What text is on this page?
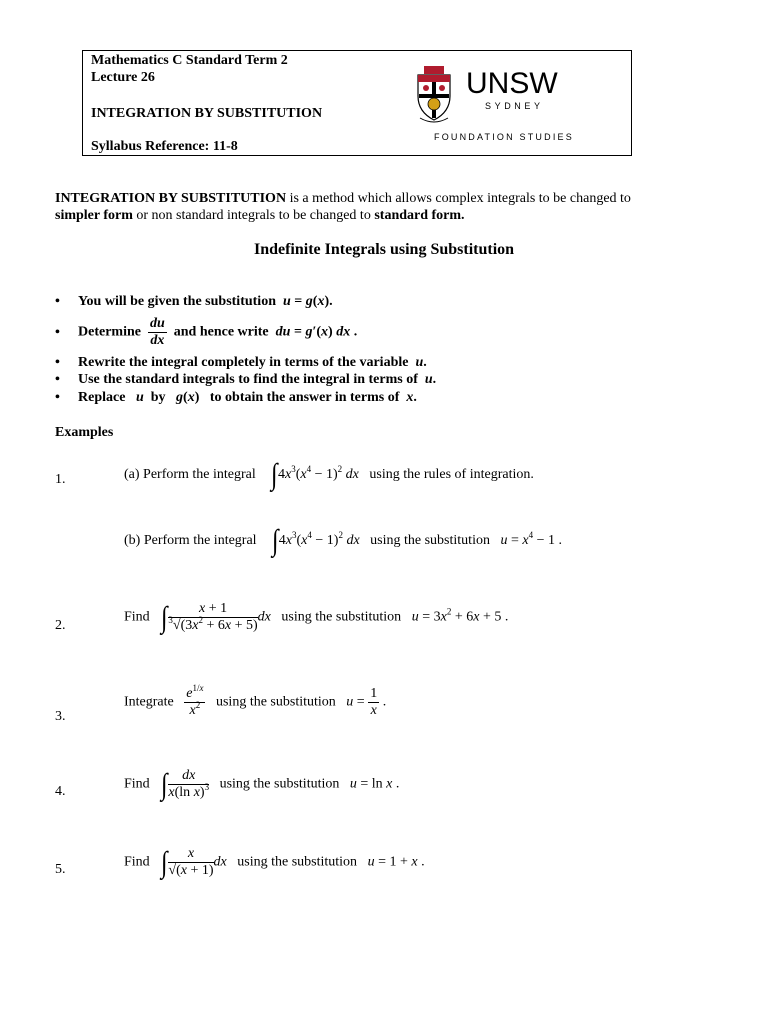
Mathematics C Standard Term 2
Lecture 26
INTEGRATION BY SUBSTITUTION
Syllabus Reference: 11-8
UNSW
SYDNEY
FOUNDATION STUDIES
INTEGRATION BY SUBSTITUTION is a method which allows complex integrals to be changed to
simpler form or non standard integrals to be changed to standard form.
Indefinite Integrals using Substitution
• You will be given the substitution u = g(x).
• Determine $\frac{du}{dx}$ and hence write du = g′(x) dx .
• Rewrite the integral completely in terms of the variable u.
• Use the standard integrals to find the integral in terms of u.
• Replace u by g(x)   to obtain the answer in terms of x.
Examples
1.	(a) Perform the integral $\int 4x^3(x^4 - 1)^2$ dx using the rules of integration.
(b) Perform the integral $\int 4x^3(x^4 - 1)^2$ dx using the substitution $u = x^4 - 1$ .
2.
Find ∫ $\frac{x + 1}{^3√(3x^2 + 6x + 5)}$ dx using the substitution $u = 3x^2 + 6x + 5$ .
3.
Integrate $\frac{e^{1/x}}{x^2}$ using the substitution $u = \frac{1}{x}$ .
4.	Find ∫ $\frac{dx}{x(\ln x)^3}$ using the substitution u = ln x .
5.	Find ∫ $\frac{x}{√(x + 1)}$ dx using the substitution u = 1 + x .
